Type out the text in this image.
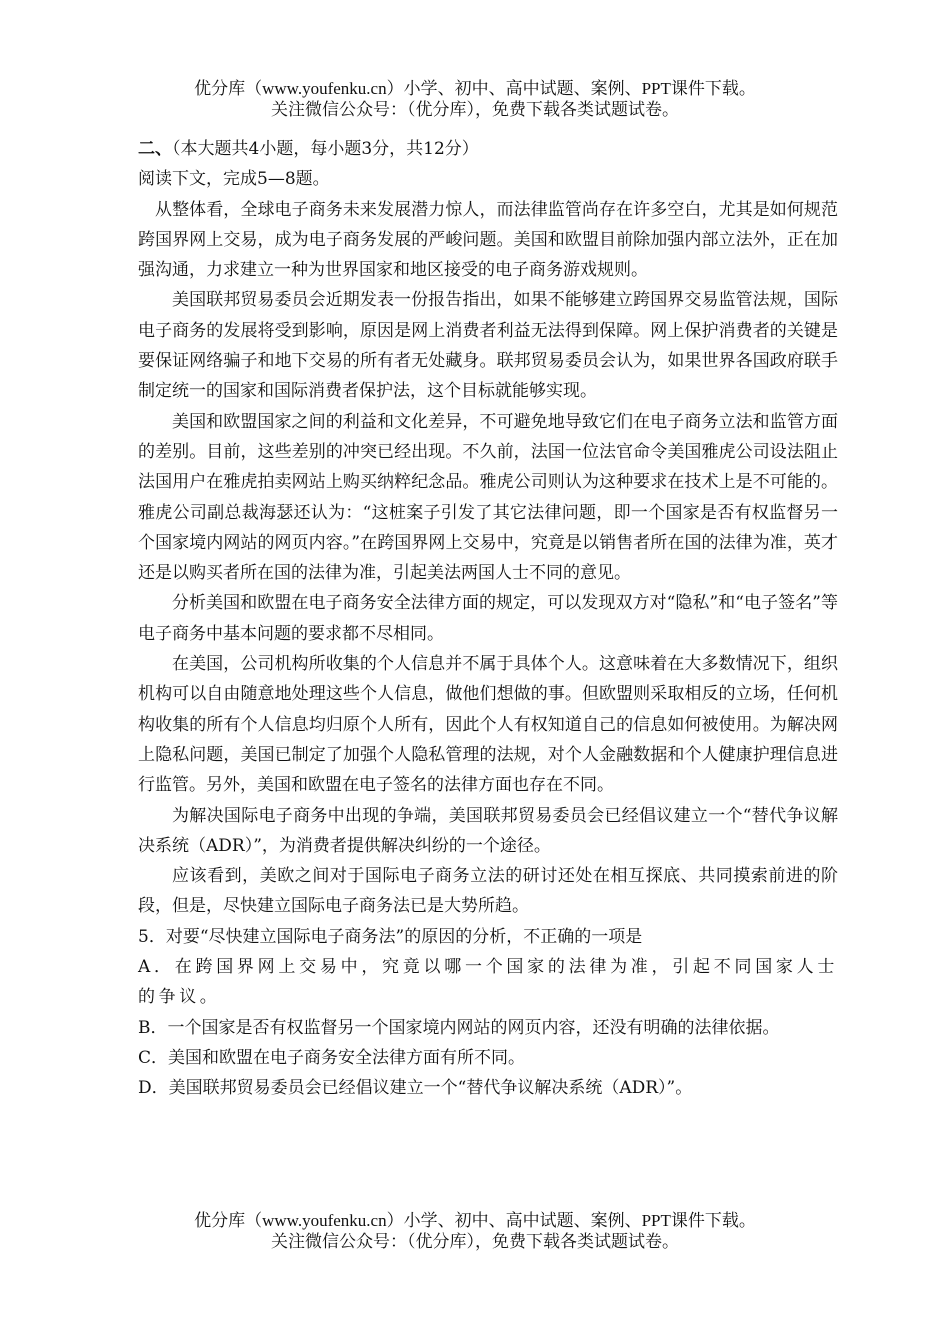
优分库（www.youfenku.cn）小学、初中、高中试题、案例、PPT课件下载。
关注微信公众号：（优分库），免费下载各类试题试卷。

二、（本大题共4小题，每小题3分，共12分）

阅读下文，完成5—8题。

从整体看，全球电子商务未来发展潜力惊人，而法律监管尚存在许多空白，尤其是如何规范跨国界网上交易，成为电子商务发展的严峻问题。美国和欧盟目前除加强内部立法外，正在加强沟通，力求建立一种为世界国家和地区接受的电子商务游戏规则。

美国联邦贸易委员会近期发表一份报告指出，如果不能够建立跨国界交易监管法规，国际电子商务的发展将受到影响，原因是网上消费者利益无法得到保障。网上保护消费者的关键是要保证网络骗子和地下交易的所有者无处藏身。联邦贸易委员会认为，如果世界各国政府联手制定统一的国家和国际消费者保护法，这个目标就能够实现。

美国和欧盟国家之间的利益和文化差异，不可避免地导致它们在电子商务立法和监管方面的差别。目前，这些差别的冲突已经出现。不久前，法国一位法官命令美国雅虎公司设法阻止法国用户在雅虎拍卖网站上购买纳粹纪念品。雅虎公司则认为这种要求在技术上是不可能的。雅虎公司副总裁海瑟还认为：“这桩案子引发了其它法律问题，即一个国家是否有权监督另一个国家境内网站的网页内容。”在跨国界网上交易中，究竟是以销售者所在国的法律为准，英才还是以购买者所在国的法律为准，引起美法两国人士不同的意见。

分析美国和欧盟在电子商务安全法律方面的规定，可以发现双方对“隐私”和“电子签名”等电子商务中基本问题的要求都不尽相同。

在美国，公司机构所收集的个人信息并不属于具体个人。这意味着在大多数情况下，组织机构可以自由随意地处理这些个人信息，做他们想做的事。但欧盟则采取相反的立场，任何机构收集的所有个人信息均归原个人所有，因此个人有权知道自己的信息如何被使用。为解决网上隐私问题，美国已制定了加强个人隐私管理的法规，对个人金融数据和个人健康护理信息进行监管。另外，美国和欧盟在电子签名的法律方面也存在不同。

为解决国际电子商务中出现的争端，美国联邦贸易委员会已经倡议建立一个“替代争议解决系统（ADR）”，为消费者提供解决纠纷的一个途径。

应该看到，美欧之间对于国际电子商务立法的研讨还处在相互探底、共同摸索前进的阶段，但是，尽快建立国际电子商务法已是大势所趋。

5．对要“尽快建立国际电子商务法”的原因的分析，不正确的一项是

A．在跨国界网上交易中，究竟以哪一个国家的法律为准，引起不同国家人士的争议。

B．一个国家是否有权监督另一个国家境内网站的网页内容，还没有明确的法律依据。

C．美国和欧盟在电子商务安全法律方面有所不同。

D．美国联邦贸易委员会已经倡议建立一个“替代争议解决系统（ADR）”。

优分库（www.youfenku.cn）小学、初中、高中试题、案例、PPT课件下载。
关注微信公众号：（优分库），免费下载各类试题试卷。
